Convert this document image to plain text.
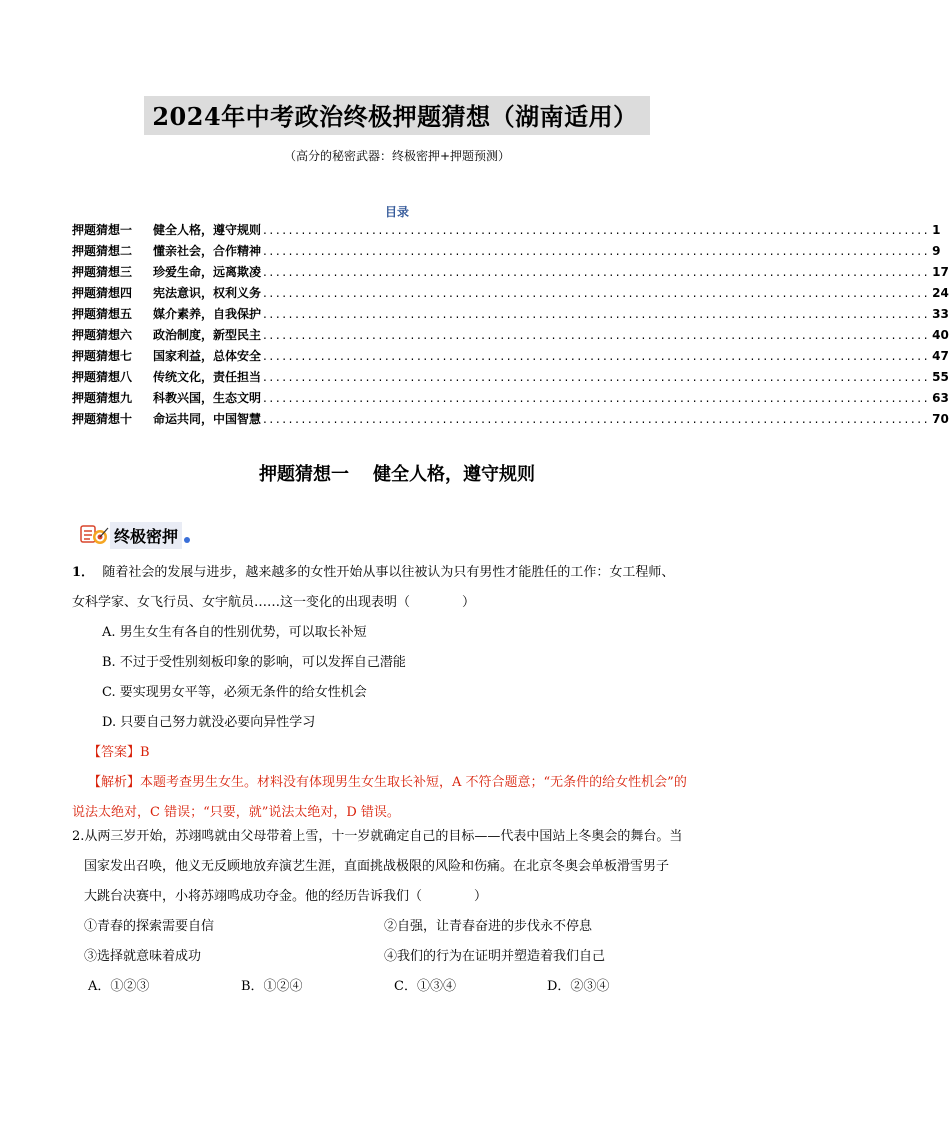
2024年中考政治终极押题猜想（湖南适用）
（高分的秘密武器：终极密押+押题预测）
目录
押题猜想一	健全人格，遵守规则 ........................................................................................................ 1
押题猜想二	懂亲社会，合作精神 ........................................................................................................ 9
押题猜想三	珍爱生命，远离欺凌 ........................................................................................................ 17
押题猜想四	宪法意识，权利义务 ........................................................................................................ 24
押题猜想五	媒介素养，自我保护 ........................................................................................................ 33
押题猜想六	政治制度，新型民主 ........................................................................................................ 40
押题猜想七	国家利益，总体安全 ........................................................................................................ 47
押题猜想八	传统文化，责任担当 ........................................................................................................ 55
押题猜想九	科教兴国，生态文明 ........................................................................................................ 63
押题猜想十	命运共同，中国智慧 ........................................................................................................ 70
押题猜想一 健全人格，遵守规则
终极密押
1． 随着社会的发展与进步，越来越多的女性开始从事以往被认为只有男性才能胜任的工作：女工程师、
女科学家、女飞行员、女宇航员……这一变化的出现表明（　　　　）
A. 男生女生有各自的性别优势，可以取长补短
B. 不过于受性别刻板印象的影响，可以发挥自己潜能
C. 要实现男女平等，必须无条件的给女性机会
D. 只要自己努力就没必要向异性学习
【答案】B
【解析】本题考查男生女生。材料没有体现男生女生取长补短，A 不符合题意；“无条件的给女性机会”的
说法太绝对，C 错误；“只要，就”说法太绝对，D 错误。
2.从两三岁开始，苏翊鸣就由父母带着上雪，十一岁就确定自己的目标——代表中国站上冬奥会的舞台。当
国家发出召唤，他义无反顾地放弃演艺生涯，直面挑战极限的风险和伤痛。在北京冬奥会单板滑雪男子
大跳台决赛中，小将苏翊鸣成功夺金。他的经历告诉我们（　　　　）
①青春的探索需要自信	②自强，让青春奋进的步伐永不停息
③选择就意味着成功	④我们的行为在证明并塑造着我们自己
A．①②③	B．①②④	C．①③④	D．②③④
